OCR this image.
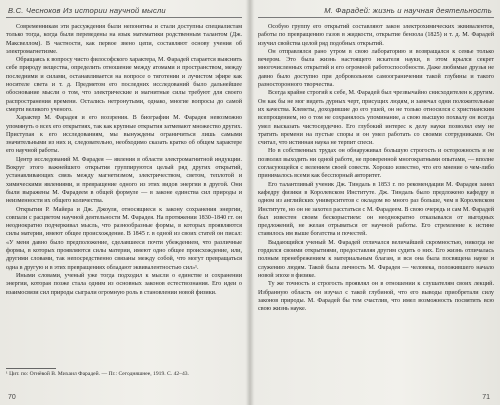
В.С. Чесноков Из истории научной мысли

Современникам эти рассуждения были непонятны и стали доступны специалистам только тогда, когда были переведены на язык математики родственным талантом (Дж. Максвеллом). В частности, как первое звено цепи, составляют основу учения об электромагнетизме.

Обращаясь к вопросу чисто философского характера, М. Фарадей старается выяснить себе природу вещества, определить отношение между атомами и пространством, между последними и силами, останавливается на вопросе о тяготении и лучистом эфире как носителе света и т. д. Предметом его последних исследований было дальнейшее обоснование мысли о том, что электрические и магнитные силы требуют для своего распространения времени. Остались нетронутыми, однако, многие вопросы до самой смерти великого ученого.

Характер М. Фарадея и его воззрения. В биографии М. Фарадея невозможно упомянуть о всех его открытиях, так как крупные открытия затмевают множество других. Приступая к его исследованиям, мы вынуждены ограничиться лишь самыми значительными из них и, следовательно, необходимо сказать кратко об общем характере его научной работы.

Центр исследований М. Фарадея — явления в области электромагнитной индукции. Вокруг этого важнейшего открытия группируются целый ряд других открытий, устанавливающих связь между магнетизмом, электричеством, светом, теплотой и химическими явлениями, и превращение одного из этих видов энергии в другой. Они были выражены М. Фарадеем в общей формуле — в законе единства сил природы и неизменности их общего количества.

Открытия Р. Майера и Дж. Джоуля, относящиеся к закону сохранения энергии, совпали с расцветом научной деятельности М. Фарадея. На протяжении 1830–1840 гг. он неоднократно подчеркивал мысль, что разнообразные формы, в которых проявляются силы материи, имеют общее происхождение. В 1845 г. в одной из своих статей он писал: «У меня давно было предположение, сделавшееся почти убеждением, что различные формы, в которых проявляются силы материи, имеют одно общее происхождение, или, другими словами, так непосредственно связаны между собой, что могут превращаться одна в другую и в этих превращениях обладают эквивалентностью сил»¹.

Иными словами, ученый уже тогда подходил к мысли о единстве и сохранении энергии, которая позже стала одним из основных законов естествознания. Его идеи о взаимосвязи сил природы сыграли огромную роль в становлении новой физики.

¹ Цит. по: Огнёвой В. Михаил Фарадей. — Пг.: Сегодняшнее, 1919. С. 42–43.
70
М. Фарадей: жизнь и научная деятельность

Особую группу его открытий составляют закон электрохимических эквивалентов, работы по превращению газов в жидкости, открытие бензола (1825) и т. д. М. Фарадей изучил свойства целой ряд подобных открытий.

Он отправлялся рано утром в свою лабораторию и возвращался к семье только вечером. Это была жизнь настоящего искателя науки, в этом крылся секрет многочисленных открытий и его огромной работоспособности. Даже любимые друзья не давно было доступно при добровольном самоограничении такой глубины и такого разносторонного творчества.

Всегда крайне строгий к себе, М. Фарадей был чрезвычайно снисходителен к другим. Он как бы не мог видеть дурных черт, присущих людям, и замечал одни положительные их качества. Клеветы, доходившие до его ушей, он не только относился с христианским всепрощением, но о том не сохранялось упоминание, а свою высшую похвалу он всегда умел высказать чистосердечно. Его глубокий интерес к делу науки позволял ему не тратить времени на пустые споры и он умел работать со своими сотрудниками. Он считал, что истинная наука не терпит спеси.

Но в собственных трудах он обнаруживал большую строгость и осторожность и не позволял выходить ни одной работе, не проверенной многократными опытами, — вполне согласующейся с велением своей совести. Хорошо известно, что его мнение о чем-либо принималось всеми как бесспорный авторитет.

Его талантливый ученик Дж. Тиндаль в 1853 г. по рекомендации М. Фарадея занял кафедру физики в Королевском Институте. Дж. Тиндаль было предложено кафедру в одном из английских университетов с окладом во много раз больше, чем в Королевском Институте, но он не захотел расстаться с М. Фарадеем. В свою очередь и сам М. Фарадей был известен своим бескорыстием: он неоднократно отказывался от выгодных предложений, не желая отрываться от научной работы. Его стремление к истине ставилось им выше богатства и почестей.

Выдающийся ученый М. Фарадей отличался величайшей скромностью, никогда не гордился своими открытиями, предоставляя другим судить о них. Его жизнь отличалась полным пренебрежением к материальным благам, и вся она была посвящена науке и служению людям. Такой была личность М. Фарадея — человека, положившего начало новой эпохе в физике.

Ту же точность и строгость проявлял он в отношении к слушателям своих лекций. Избранную область он изучал с такой глубиной, что его выводы приобретали силу законов природы. М. Фарадей бы тем счастлив, что имел возможность посвятить всю свою жизнь науке.

71
